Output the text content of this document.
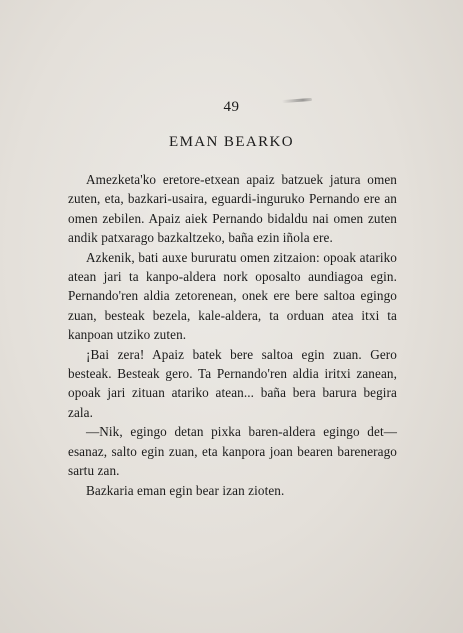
49
EMAN BEARKO

Amezketa'ko eretore-etxean apaiz batzuek jatura omen zuten, eta, bazkari-usaira, eguardi-inguruko Pernando ere an omen zebilen. Apaiz aiek Pernando bidaldu nai omen zuten andik patxarago bazkaltzeko, baña ezin iñola ere.

Azkenik, bati auxe bururatu omen zitzaion: opoak atariko atean jari ta kanpo-aldera nork oposalto aundiagoa egin. Pernando'ren aldia zetorenean, onek ere bere saltoa egingo zuan, besteak bezela, kale-aldera, ta orduan atea itxi ta kanpoan utziko zuten.

¡Bai zera! Apaiz batek bere saltoa egin zuan. Gero besteak. Besteak gero. Ta Pernando'ren aldia iritxi zanean, opoak jari zituan atariko atean... baña bera barura begira zala.

—Nik, egingo detan pixka baren-aldera egingo det—esanaz, salto egin zuan, eta kanpora joan bearen barenerago sartu zan.

Bazkaria eman egin bear izan zioten.
